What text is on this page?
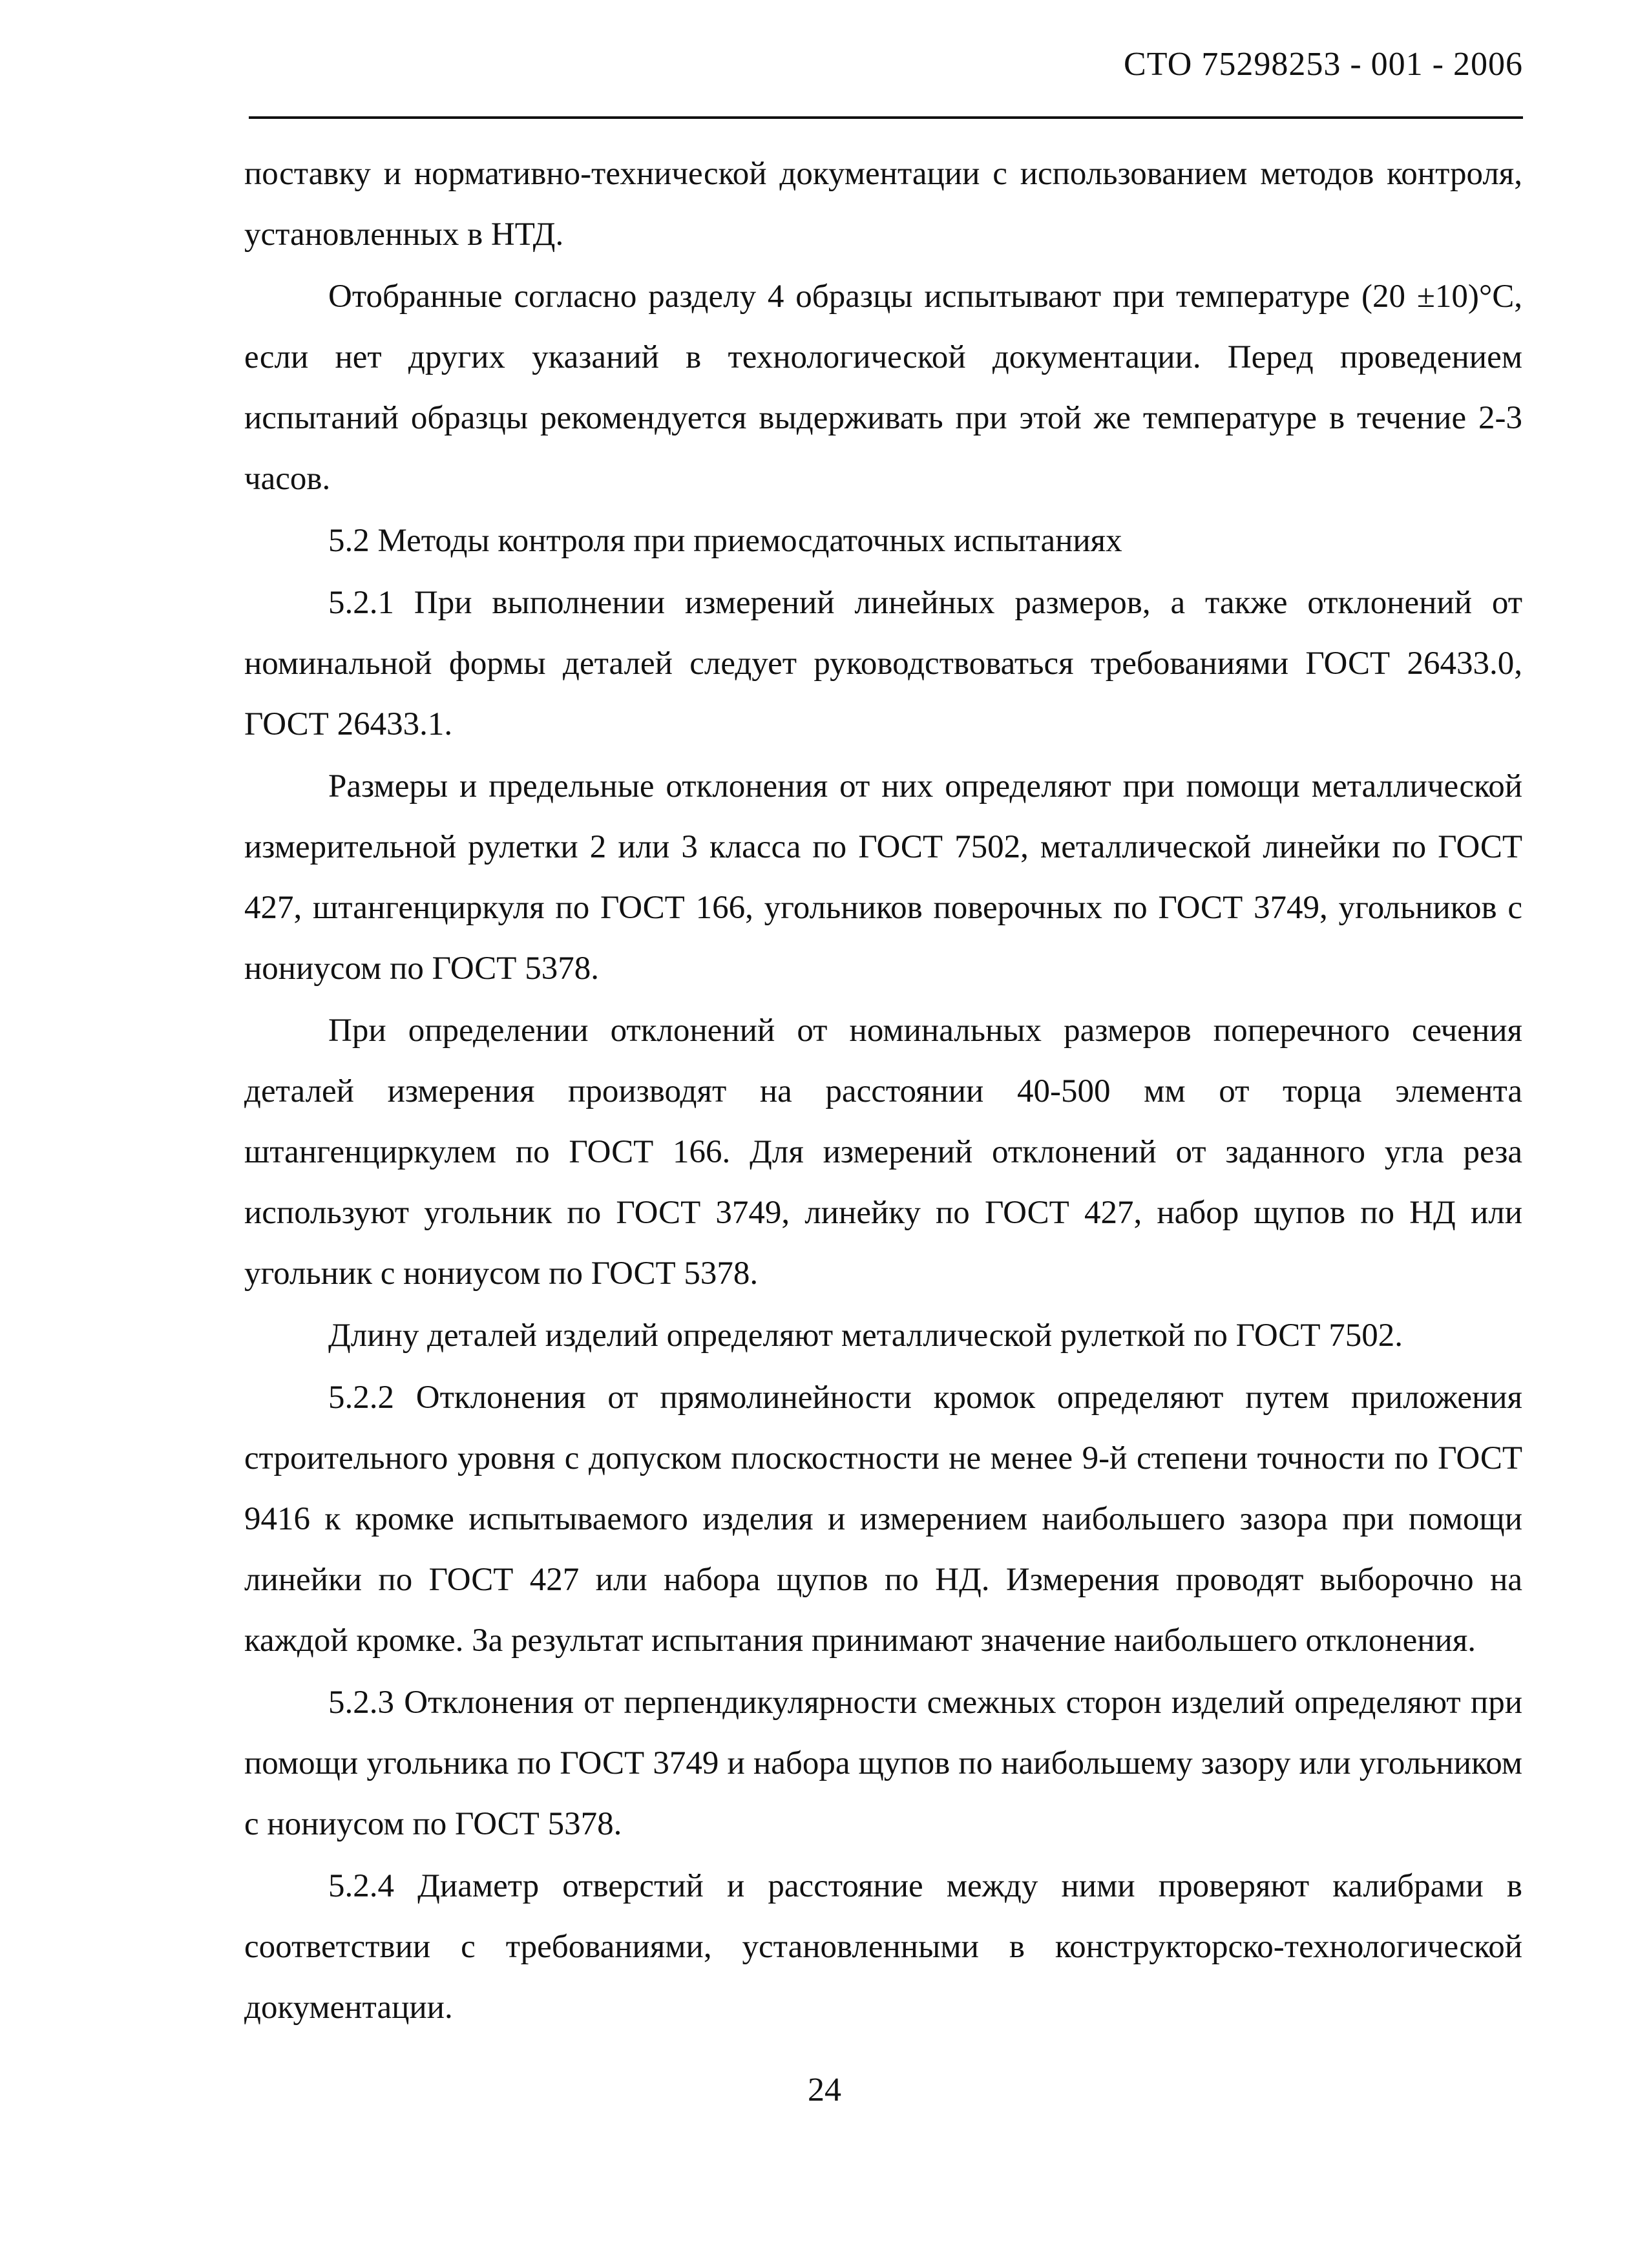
СТО 75298253 - 001 - 2006

поставку и нормативно-технической документации с использованием методов контроля, установленных в НТД.

Отобранные согласно разделу 4 образцы испытывают при температуре (20 ±10)°С, если нет других указаний в технологической документации. Перед проведением испытаний образцы рекомендуется выдерживать при этой же температуре в течение 2-3 часов.

5.2 Методы контроля при приемосдаточных испытаниях

5.2.1 При выполнении измерений линейных размеров, а также отклонений от номинальной формы деталей следует руководствоваться требованиями ГОСТ 26433.0, ГОСТ 26433.1.

Размеры и предельные отклонения от них определяют при помощи металлической измерительной рулетки 2 или 3 класса по ГОСТ 7502, металлической линейки по ГОСТ 427, штангенциркуля по ГОСТ 166, угольников поверочных по ГОСТ 3749, угольников с нониусом по ГОСТ 5378.

При определении отклонений от номинальных размеров поперечного сечения деталей измерения производят на расстоянии 40-500 мм от торца элемента штангенциркулем по ГОСТ 166. Для измерений отклонений от заданного угла реза используют угольник по ГОСТ 3749, линейку по ГОСТ 427, набор щупов по НД или угольник с нониусом по ГОСТ 5378.

Длину деталей изделий определяют металлической рулеткой по ГОСТ 7502.

5.2.2 Отклонения от прямолинейности кромок определяют путем приложения строительного уровня с допуском плоскостности не менее 9-й степени точности по ГОСТ 9416 к кромке испытываемого изделия и измерением наибольшего зазора при помощи линейки по ГОСТ 427 или набора щупов по НД. Измерения проводят выборочно на каждой кромке. За результат испытания принимают значение наибольшего отклонения.

5.2.3 Отклонения от перпендикулярности смежных сторон изделий определяют при помощи угольника по ГОСТ 3749 и набора щупов по наибольшему зазору или угольником с нониусом по ГОСТ 5378.

5.2.4 Диаметр отверстий и расстояние между ними проверяют калибрами в соответствии с требованиями, установленными в конструкторско-технологической документации.

24
